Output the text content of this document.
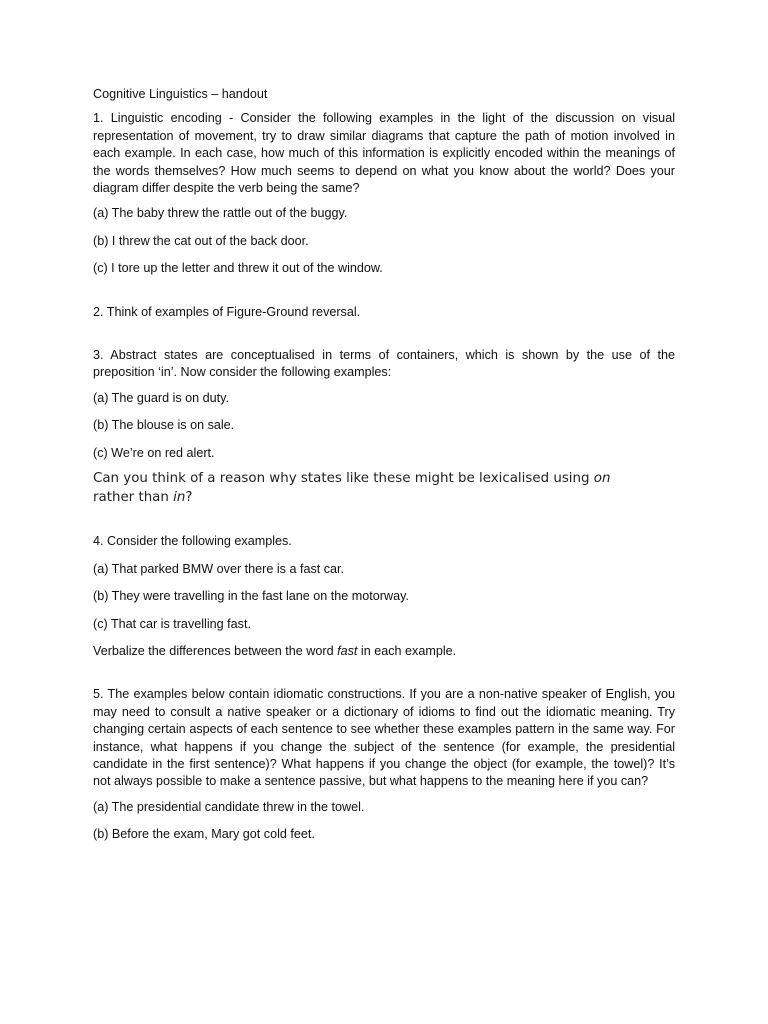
Cognitive Linguistics – handout

1. Linguistic encoding - Consider the following examples in the light of the discussion on visual representation of movement, try to draw similar diagrams that capture the path of motion involved in each example. In each case, how much of this information is explicitly encoded within the meanings of the words themselves? How much seems to depend on what you know about the world? Does your diagram differ despite the verb being the same?

(a) The baby threw the rattle out of the buggy.

(b) I threw the cat out of the back door.

(c) I tore up the letter and threw it out of the window.

2. Think of examples of Figure-Ground reversal.

3. Abstract states are conceptualised in terms of containers, which is shown by the use of the preposition ‘in’. Now consider the following examples:

(a) The guard is on duty.

(b) The blouse is on sale.

(c) We’re on red alert.

Can you think of a reason why states like these might be lexicalised using on
rather than in?

4. Consider the following examples.

(a) That parked BMW over there is a fast car.

(b) They were travelling in the fast lane on the motorway.

(c) That car is travelling fast.

Verbalize the differences between the word fast in each example.

5. The examples below contain idiomatic constructions. If you are a non-native speaker of English, you may need to consult a native speaker or a dictionary of idioms to find out the idiomatic meaning. Try changing certain aspects of each sentence to see whether these examples pattern in the same way. For instance, what happens if you change the subject of the sentence (for example, the presidential candidate in the first sentence)? What happens if you change the object (for example, the towel)? It’s not always possible to make a sentence passive, but what happens to the meaning here if you can?

(a) The presidential candidate threw in the towel.

(b) Before the exam, Mary got cold feet.
